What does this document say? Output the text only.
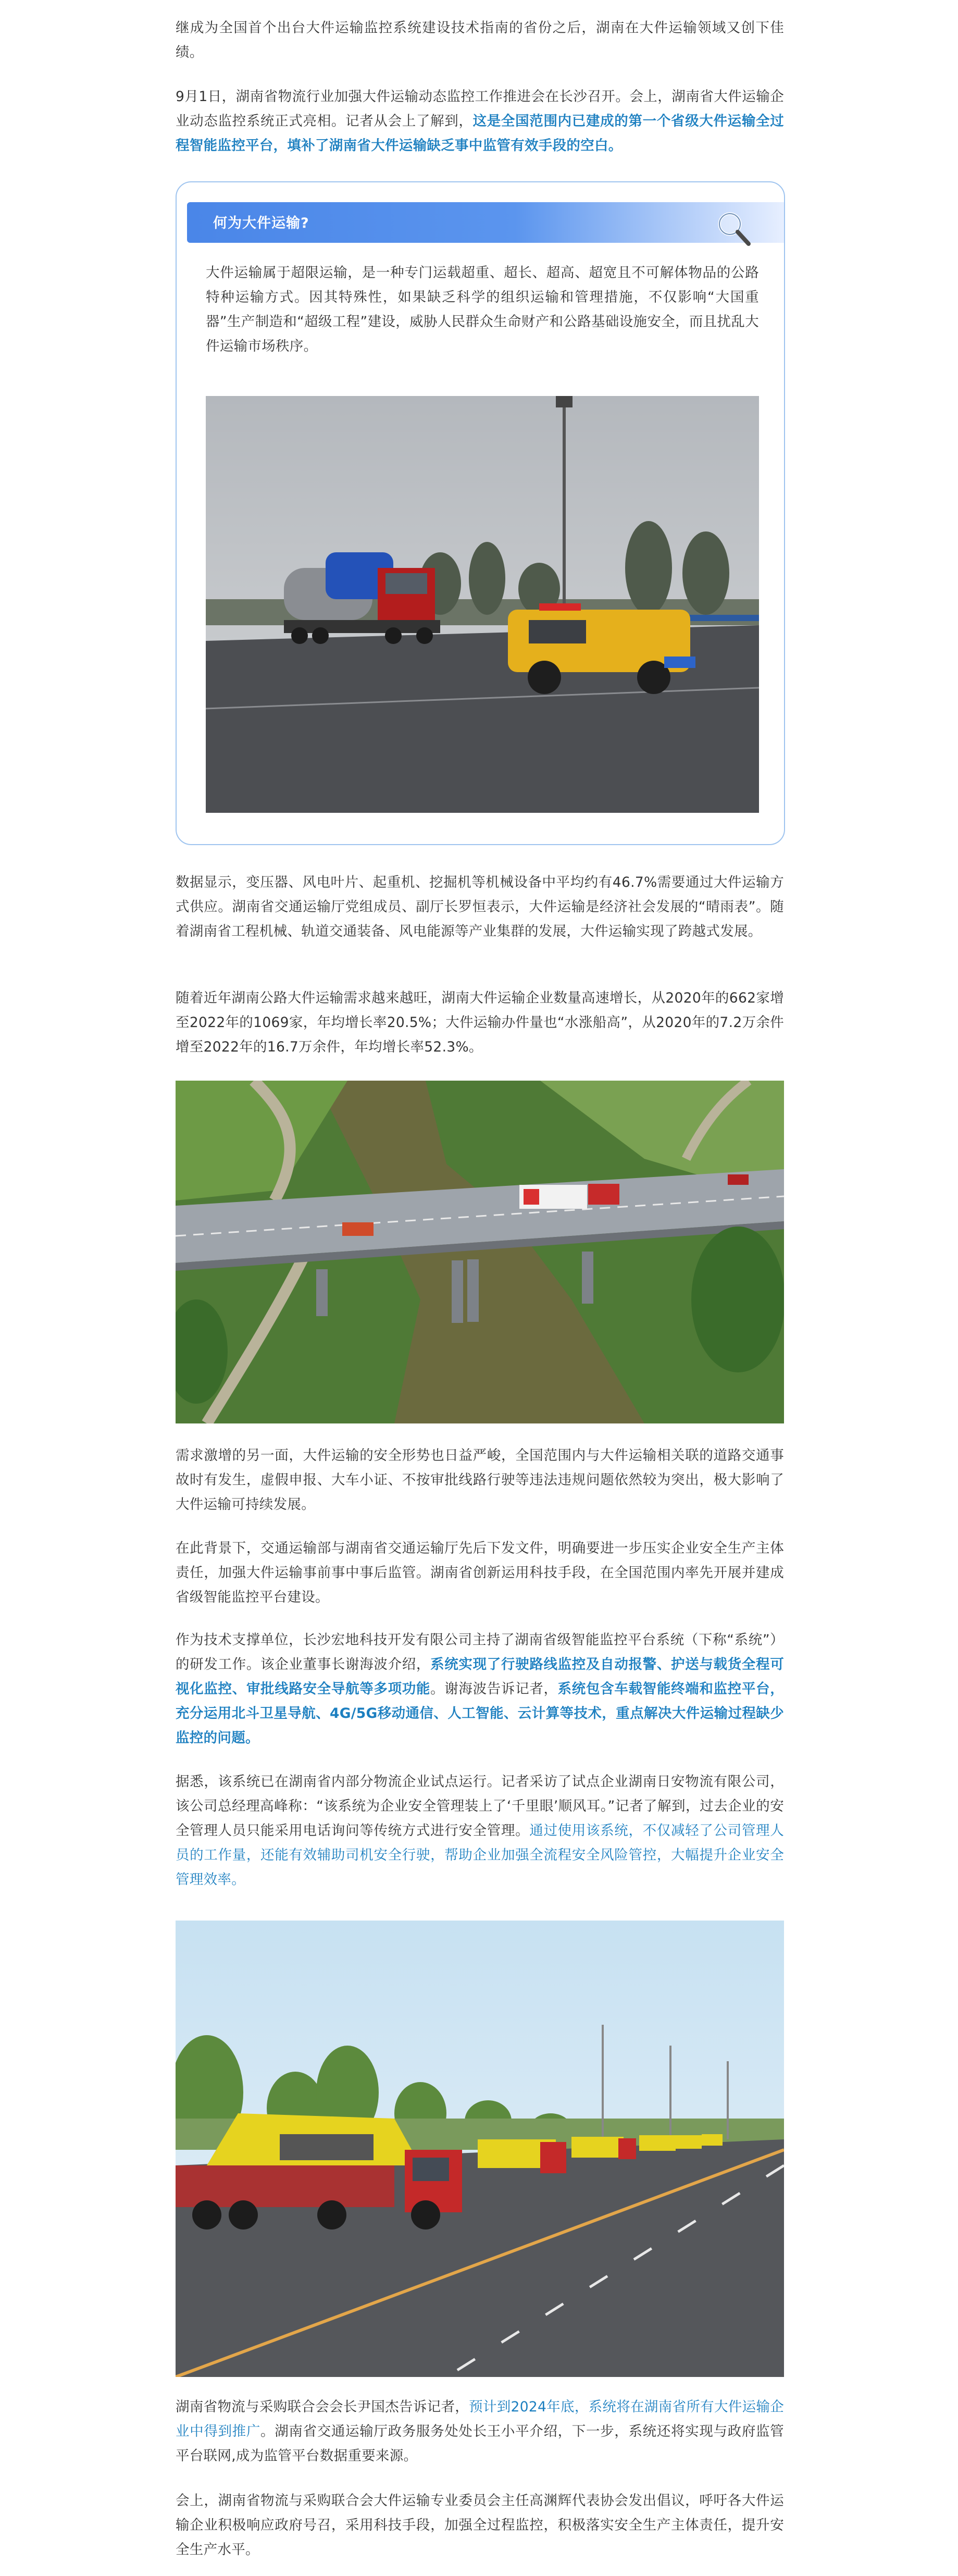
继成为全国首个出台大件运输监控系统建设技术指南的省份之后，湖南在大件运输领域又创下佳绩。

9月1日，湖南省物流行业加强大件运输动态监控工作推进会在长沙召开。会上，湖南省大件运输企业动态监控系统正式亮相。记者从会上了解到，这是全国范围内已建成的第一个省级大件运输全过程智能监控平台，填补了湖南省大件运输缺乏事中监管有效手段的空白。

何为大件运输?

大件运输属于超限运输，是一种专门运载超重、超长、超高、超宽且不可解体物品的公路特种运输方式。因其特殊性，如果缺乏科学的组织运输和管理措施，不仅影响“大国重器”生产制造和“超级工程”建设，威胁人民群众生命财产和公路基础设施安全，而且扰乱大件运输市场秩序。

数据显示，变压器、风电叶片、起重机、挖掘机等机械设备中平均约有46.7%需要通过大件运输方式供应。湖南省交通运输厅党组成员、副厅长罗恒表示，大件运输是经济社会发展的“晴雨表”。随着湖南省工程机械、轨道交通装备、风电能源等产业集群的发展，大件运输实现了跨越式发展。

随着近年湖南公路大件运输需求越来越旺，湖南大件运输企业数量高速增长，从2020年的662家增至2022年的1069家，年均增长率20.5%；大件运输办件量也“水涨船高”，从2020年的7.2万余件增至2022年的16.7万余件，年均增长率52.3%。

需求激增的另一面，大件运输的安全形势也日益严峻，全国范围内与大件运输相关联的道路交通事故时有发生，虚假申报、大车小证、不按审批线路行驶等违法违规问题依然较为突出，极大影响了大件运输可持续发展。

在此背景下，交通运输部与湖南省交通运输厅先后下发文件，明确要进一步压实企业安全生产主体责任，加强大件运输事前事中事后监管。湖南省创新运用科技手段，在全国范围内率先开展并建成省级智能监控平台建设。

作为技术支撑单位，长沙宏地科技开发有限公司主持了湖南省级智能监控平台系统（下称“系统”）的研发工作。该企业董事长谢海波介绍，系统实现了行驶路线监控及自动报警、护送与载货全程可视化监控、审批线路安全导航等多项功能。谢海波告诉记者，系统包含车载智能终端和监控平台，充分运用北斗卫星导航、4G/5G移动通信、人工智能、云计算等技术，重点解决大件运输过程缺少监控的问题。

据悉，该系统已在湖南省内部分物流企业试点运行。记者采访了试点企业湖南日安物流有限公司，该公司总经理高峰称：“该系统为企业安全管理装上了‘千里眼’顺风耳。”记者了解到，过去企业的安全管理人员只能采用电话询问等传统方式进行安全管理。通过使用该系统，不仅减轻了公司管理人员的工作量，还能有效辅助司机安全行驶，帮助企业加强全流程安全风险管控，大幅提升企业安全管理效率。

湖南省物流与采购联合会会长尹国杰告诉记者，预计到2024年底，系统将在湖南省所有大件运输企业中得到推广。湖南省交通运输厅政务服务处处长王小平介绍，下一步，系统还将实现与政府监管平台联网,成为监管平台数据重要来源。

会上，湖南省物流与采购联合会大件运输专业委员会主任高渊辉代表协会发出倡议，呼吁各大件运输企业积极响应政府号召，采用科技手段，加强全过程监控，积极落实安全生产主体责任，提升安全生产水平。
